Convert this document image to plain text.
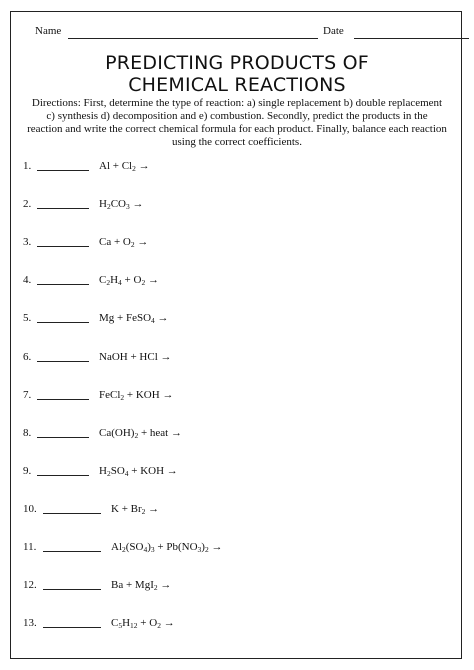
Name	Date
PREDICTING PRODUCTS OF
CHEMICAL REACTIONS
Directions: First, determine the type of reaction: a) single replacement b) double replacement
c) synthesis d) decomposition and e) combustion. Secondly, predict the products in the
reaction and write the correct chemical formula for each product. Finally, balance each reaction
using the correct coefficients.
1.	$Al + Cl_2$ →
2.	$H_2CO_3$ →
3.	$Ca + O_2$ →
4.	$C_2H_4 + O_2$ →
5.	Mg + FeSO$_4$ →
6.	NaOH + HCl →
7.	FeCl$_2$ + KOH →
8.	$Ca(OH)_2$ + heat →
9.	$H_2SO_4$ + KOH →
10.	$K + Br_2$ →
11.	$Al_2(SO_4)_3 + Pb(NO_3)_2$ →
12.	Ba + MgI$_2$ →
13.	$C_5H_{12} + O_2$ →
